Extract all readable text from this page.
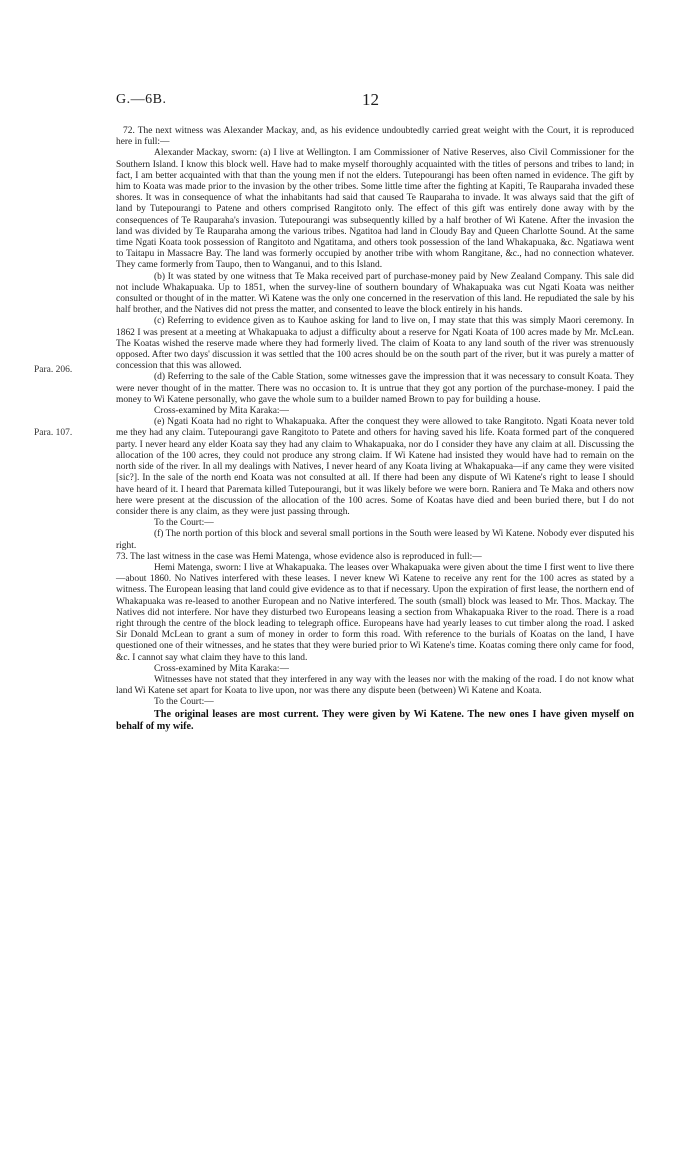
G.—6B.	12
Para. 206.
Para. 107.

72. The next witness was Alexander Mackay, and, as his evidence undoubtedly carried great weight with the Court, it is reproduced here in full:—

Alexander Mackay, sworn: (a) I live at Wellington. I am Commissioner of Native Reserves, also Civil Commissioner for the Southern Island. I know this block well. Have had to make myself thoroughly acquainted with the titles of persons and tribes to land; in fact, I am better acquainted with that than the young men if not the elders. Tutepourangi has been often named in evidence. The gift by him to Koata was made prior to the invasion by the other tribes. Some little time after the fighting at Kapiti, Te Rauparaha invaded these shores. It was in consequence of what the inhabitants had said that caused Te Rauparaha to invade. It was always said that the gift of land by Tutepourangi to Patene and others comprised Rangitoto only. The effect of this gift was entirely done away with by the consequences of Te Rauparaha's invasion. Tutepourangi was subsequently killed by a half brother of Wi Katene. After the invasion the land was divided by Te Rauparaha among the various tribes. Ngatitoa had land in Cloudy Bay and Queen Charlotte Sound. At the same time Ngati Koata took possession of Rangitoto and Ngatitama, and others took possession of the land Whakapuaka, &c. Ngatiawa went to Taitapu in Massacre Bay. The land was formerly occupied by another tribe with whom Rangitane, &c., had no connection whatever. They came formerly from Taupo, then to Wanganui, and to this Island.

(b) It was stated by one witness that Te Maka received part of purchase-money paid by New Zealand Company. This sale did not include Whakapuaka. Up to 1851, when the survey-line of southern boundary of Whakapuaka was cut Ngati Koata was neither consulted or thought of in the matter. Wi Katene was the only one concerned in the reservation of this land. He repudiated the sale by his half brother, and the Natives did not press the matter, and consented to leave the block entirely in his hands.

(c) Referring to evidence given as to Kauhoe asking for land to live on, I may state that this was simply Maori ceremony. In 1862 I was present at a meeting at Whakapuaka to adjust a difficulty about a reserve for Ngati Koata of 100 acres made by Mr. McLean. The Koatas wished the reserve made where they had formerly lived. The claim of Koata to any land south of the river was strenuously opposed. After two days' discussion it was settled that the 100 acres should be on the south part of the river, but it was purely a matter of concession that this was allowed.

(d) Referring to the sale of the Cable Station, some witnesses gave the impression that it was necessary to consult Koata. They were never thought of in the matter. There was no occasion to. It is untrue that they got any portion of the purchase-money. I paid the money to Wi Katene personally, who gave the whole sum to a builder named Brown to pay for building a house.

Cross-examined by Mita Karaka:—

(e) Ngati Koata had no right to Whakapuaka. After the conquest they were allowed to take Rangitoto. Ngati Koata never told me they had any claim. Tutepourangi gave Rangitoto to Patete and others for having saved his life. Koata formed part of the conquered party. I never heard any elder Koata say they had any claim to Whakapuaka, nor do I consider they have any claim at all. Discussing the allocation of the 100 acres, they could not produce any strong claim. If Wi Katene had insisted they would have had to remain on the north side of the river. In all my dealings with Natives, I never heard of any Koata living at Whakapuaka—if any came they were visited [sic?]. In the sale of the north end Koata was not consulted at all. If there had been any dispute of Wi Katene's right to lease I should have heard of it. I heard that Paremata killed Tutepourangi, but it was likely before we were born. Raniera and Te Maka and others now here were present at the discussion of the allocation of the 100 acres. Some of Koatas have died and been buried there, but I do not consider there is any claim, as they were just passing through.

To the Court:—

(f) The north portion of this block and several small portions in the South were leased by Wi Katene. Nobody ever disputed his right.

73. The last witness in the case was Hemi Matenga, whose evidence also is reproduced in full:—

Hemi Matenga, sworn: I live at Whakapuaka. The leases over Whakapuaka were given about the time I first went to live there—about 1860. No Natives interfered with these leases. I never knew Wi Katene to receive any rent for the 100 acres as stated by a witness. The European leasing that land could give evidence as to that if necessary. Upon the expiration of first lease, the northern end of Whakapuaka was re-leased to another European and no Native interfered. The south (small) block was leased to Mr. Thos. Mackay. The Natives did not interfere. Nor have they disturbed two Europeans leasing a section from Whakapuaka River to the road. There is a road right through the centre of the block leading to telegraph office. Europeans have had yearly leases to cut timber along the road. I asked Sir Donald McLean to grant a sum of money in order to form this road. With reference to the burials of Koatas on the land, I have questioned one of their witnesses, and he states that they were buried prior to Wi Katene's time. Koatas coming there only came for food, &c. I cannot say what claim they have to this land.

Cross-examined by Mita Karaka:—

Witnesses have not stated that they interfered in any way with the leases nor with the making of the road. I do not know what land Wi Katene set apart for Koata to live upon, nor was there any dispute been (between) Wi Katene and Koata.

To the Court:—

The original leases are most current. They were given by Wi Katene. The new ones I have given myself on behalf of my wife.
